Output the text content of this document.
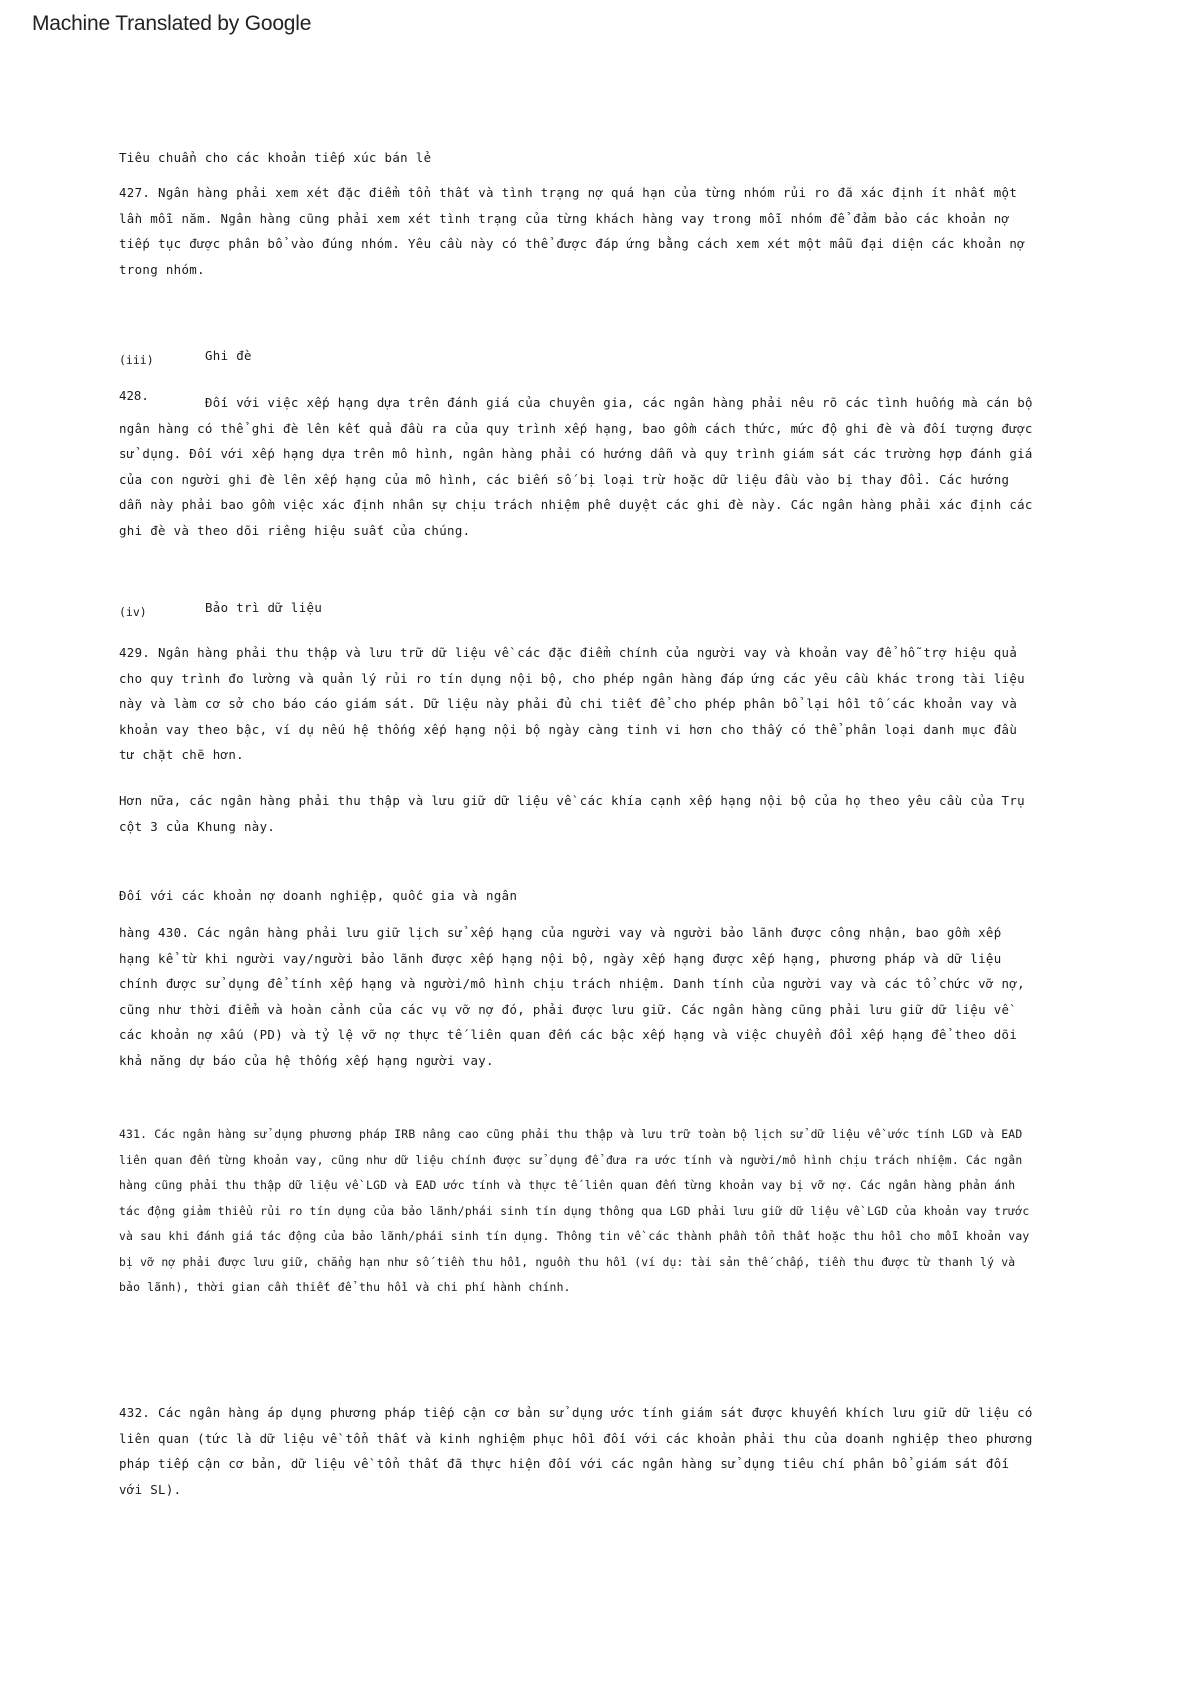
Machine Translated by Google
Tiêu chuẩn cho các khoản tiếp xúc bán lẻ
427. Ngân hàng phải xem xét đặc điểm tổn thất và tình trạng nợ quá hạn của từng nhóm rủi ro đã xác định ít nhất một lần mỗi năm. Ngân hàng cũng phải xem xét tình trạng của từng khách hàng vay trong mỗi nhóm để đảm bảo các khoản nợ tiếp tục được phân bổ vào đúng nhóm. Yêu cầu này có thể được đáp ứng bằng cách xem xét một mẫu đại diện các khoản nợ trong nhóm.
(iii)	Ghi đè
428.	Đối với việc xếp hạng dựa trên đánh giá của chuyên gia, các ngân hàng phải nêu rõ các tình huống mà cán bộ ngân hàng có thể ghi đè lên kết quả đầu ra của quy trình xếp hạng, bao gồm cách thức, mức độ ghi đè và đối tượng được sử dụng. Đối với xếp hạng dựa trên mô hình, ngân hàng phải có hướng dẫn và quy trình giám sát các trường hợp đánh giá của con người ghi đè lên xếp hạng của mô hình, các biến số bị loại trừ hoặc dữ liệu đầu vào bị thay đổi. Các hướng dẫn này phải bao gồm việc xác định nhân sự chịu trách nhiệm phê duyệt các ghi đè này. Các ngân hàng phải xác định các ghi đè và theo dõi riêng hiệu suất của chúng.
(iv)	Bảo trì dữ liệu
429. Ngân hàng phải thu thập và lưu trữ dữ liệu về các đặc điểm chính của người vay và khoản vay để hỗ trợ hiệu quả cho quy trình đo lường và quản lý rủi ro tín dụng nội bộ, cho phép ngân hàng đáp ứng các yêu cầu khác trong tài liệu này và làm cơ sở cho báo cáo giám sát. Dữ liệu này phải đủ chi tiết để cho phép phân bổ lại hồi tố các khoản vay và khoản vay theo bậc, ví dụ nếu hệ thống xếp hạng nội bộ ngày càng tinh vi hơn cho thấy có thể phân loại danh mục đầu tư chặt chẽ hơn.
Hơn nữa, các ngân hàng phải thu thập và lưu giữ dữ liệu về các khía cạnh xếp hạng nội bộ của họ theo yêu cầu của Trụ cột 3 của Khung này.
Đối với các khoản nợ doanh nghiệp, quốc gia và ngân
hàng 430. Các ngân hàng phải lưu giữ lịch sử xếp hạng của người vay và người bảo lãnh được công nhận, bao gồm xếp hạng kể từ khi người vay/người bảo lãnh được xếp hạng nội bộ, ngày xếp hạng được xếp hạng, phương pháp và dữ liệu chính được sử dụng để tính xếp hạng và người/mô hình chịu trách nhiệm. Danh tính của người vay và các tổ chức vỡ nợ, cũng như thời điểm và hoàn cảnh của các vụ vỡ nợ đó, phải được lưu giữ. Các ngân hàng cũng phải lưu giữ dữ liệu về các khoản nợ xấu (PD) và tỷ lệ vỡ nợ thực tế liên quan đến các bậc xếp hạng và việc chuyển đổi xếp hạng để theo dõi khả năng dự báo của hệ thống xếp hạng người vay.
431. Các ngân hàng sử dụng phương pháp IRB nâng cao cũng phải thu thập và lưu trữ toàn bộ lịch sử dữ liệu về ước tính LGD và EAD liên quan đến từng khoản vay, cũng như dữ liệu chính được sử dụng để đưa ra ước tính và người/mô hình chịu trách nhiệm. Các ngân hàng cũng phải thu thập dữ liệu về LGD và EAD ước tính và thực tế liên quan đến từng khoản vay bị vỡ nợ. Các ngân hàng phản ánh tác động giảm thiểu rủi ro tín dụng của bảo lãnh/phái sinh tín dụng thông qua LGD phải lưu giữ dữ liệu về LGD của khoản vay trước và sau khi đánh giá tác động của bảo lãnh/phái sinh tín dụng. Thông tin về các thành phần tổn thất hoặc thu hồi cho mỗi khoản vay bị vỡ nợ phải được lưu giữ, chẳng hạn như số tiền thu hồi, nguồn thu hồi (ví dụ: tài sản thế chấp, tiền thu được từ thanh lý và bảo lãnh), thời gian cần thiết để thu hồi và chi phí hành chính.
432. Các ngân hàng áp dụng phương pháp tiếp cận cơ bản sử dụng ước tính giám sát được khuyến khích lưu giữ dữ liệu có liên quan (tức là dữ liệu về tổn thất và kinh nghiệm phục hồi đối với các khoản phải thu của doanh nghiệp theo phương pháp tiếp cận cơ bản, dữ liệu về tổn thất đã thực hiện đối với các ngân hàng sử dụng tiêu chí phân bổ giám sát đối với SL).
